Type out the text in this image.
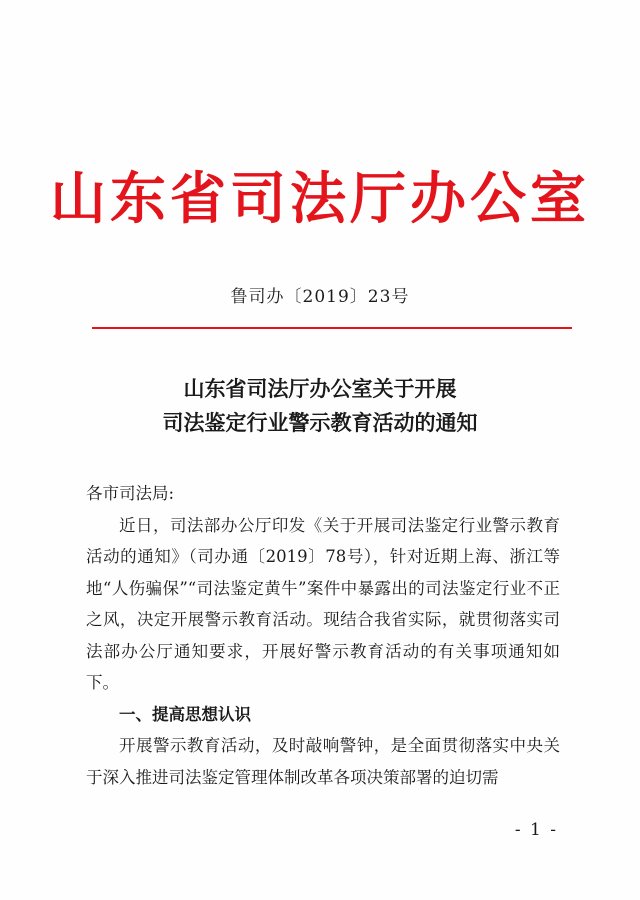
山东省司法厅办公室
鲁司办〔2019〕23号
山东省司法厅办公室关于开展
司法鉴定行业警示教育活动的通知

各市司法局:

近日，司法部办公厅印发《关于开展司法鉴定行业警示教育活动的通知》（司办通〔2019〕78号），针对近期上海、浙江等地“人伤骗保”“司法鉴定黄牛”案件中暴露出的司法鉴定行业不正之风，决定开展警示教育活动。现结合我省实际，就贯彻落实司法部办公厅通知要求，开展好警示教育活动的有关事项通知如下。

一、提高思想认识

开展警示教育活动，及时敲响警钟，是全面贯彻落实中央关于深入推进司法鉴定管理体制改革各项决策部署的迫切需

- 1 -
